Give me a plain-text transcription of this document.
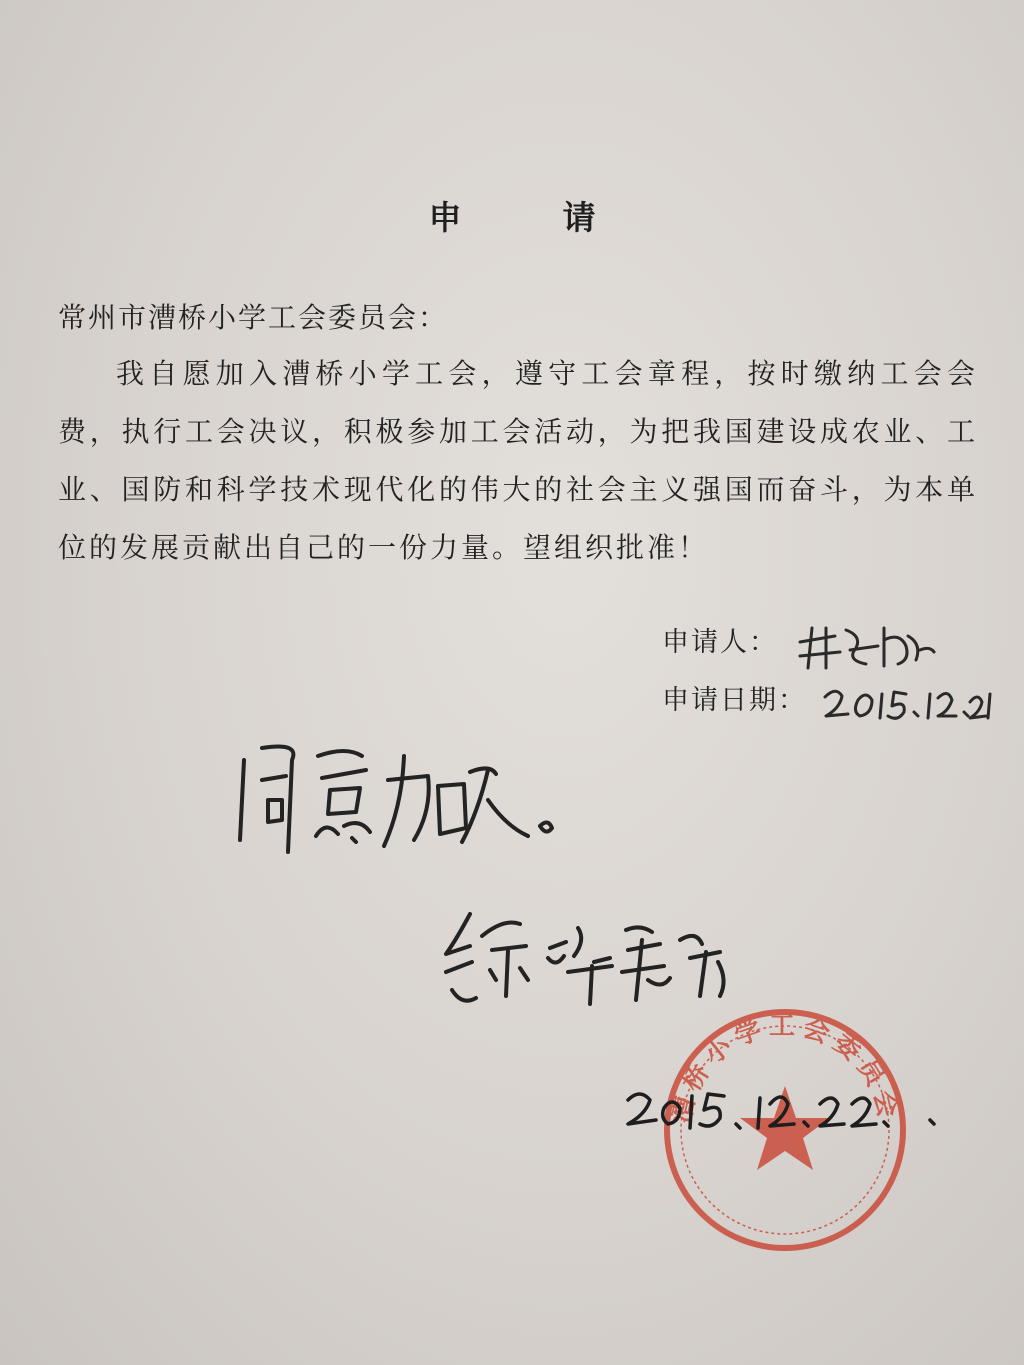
申　请
常州市漕桥小学工会委员会：
我自愿加入漕桥小学工会，遵守工会章程，按时缴纳工会会费，执行工会决议，积极参加工会活动，为把我国建设成农业、工业、国防和科学技术现代化的伟大的社会主义强国而奋斗，为本单位的发展贡献出自己的一份力量。望组织批准！
申请人：
申请日期：
漕桥小学工会委员会
